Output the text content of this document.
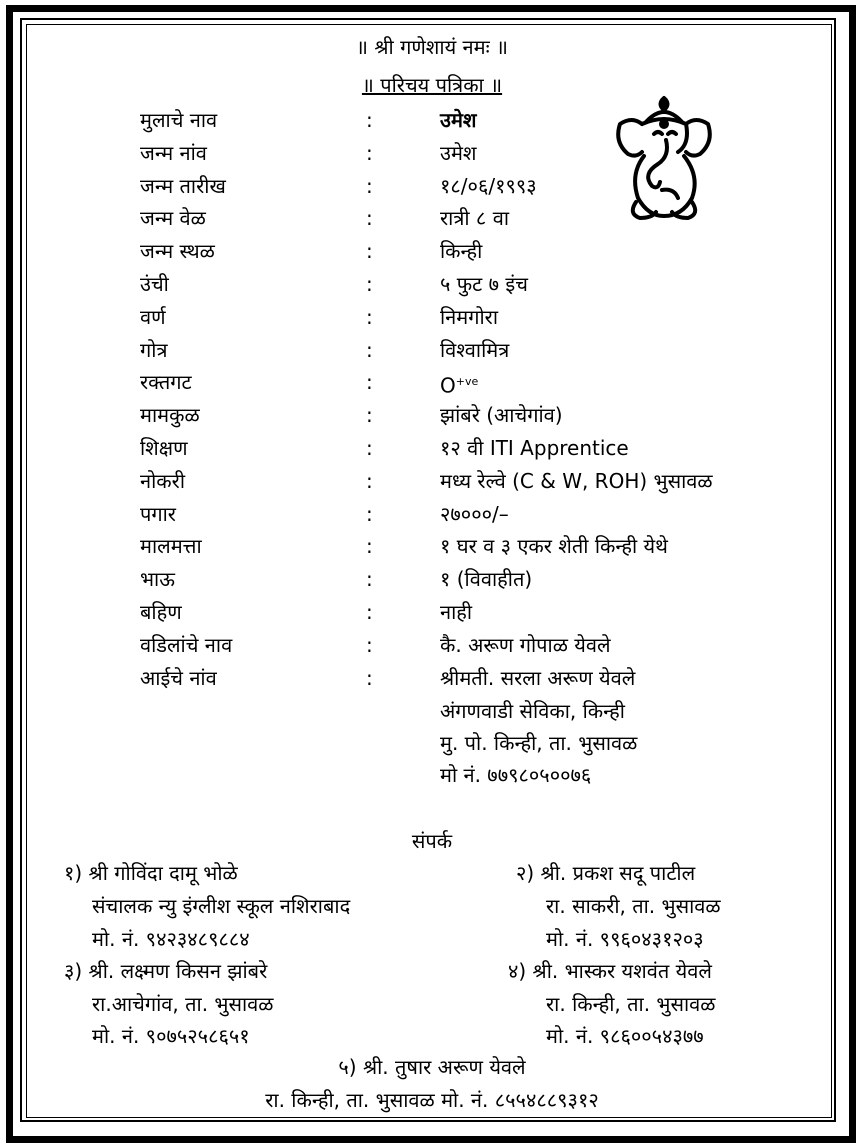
॥ श्री गणेशायं नमः ॥
॥ परिचय पत्रिका ॥
मुलाचे नाव	:	उमेश
जन्म नांव	:	उमेश
जन्म तारीख	:	१८/०६/१९९३
जन्म वेळ	:	रात्री ८ वा
जन्म स्थळ	:	किन्ही
उंची	:	५ फुट ७ इंच
वर्ण	:	निमगोरा
गोत्र	:	विश्वामित्र
रक्तगट	:	$O^{+ve}$
मामकुळ	:	झांबरे (आचेगांव)
शिक्षण	:	१२ वी ITI Apprentice
नोकरी	:	मध्य रेल्वे (C & W, ROH) भुसावळ
पगार	:	२७०००/–
मालमत्ता	:	१ घर व ३ एकर शेती किन्ही येथे
भाऊ	:	१ (विवाहीत)
बहिण	:	नाही
वडिलांचे नाव	:	कै. अरूण गोपाळ येवले
आईचे नांव	:	श्रीमती. सरला अरूण येवले
अंगणवाडी सेविका, किन्ही
मु. पो. किन्ही, ता. भुसावळ
मो नं. ७७९८०५००७६
संपर्क
१) श्री गोविंदा दामू भोळे
संचालक न्यु इंग्लीश स्कूल नशिराबाद
मो. नं. ९४२३४८९८८४
२) श्री. प्रकश सदू पाटील
रा. साकरी, ता. भुसावळ
मो. नं. ९९६०४३१२०३
३) श्री. लक्ष्मण किसन झांबरे
रा.आचेगांव, ता. भुसावळ
मो. नं. ९०७५२५८६५१
४) श्री. भास्कर यशवंत येवले
रा. किन्ही, ता. भुसावळ
मो. नं. ९८६००५४३७७
५) श्री. तुषार अरूण येवले
रा. किन्ही, ता. भुसावळ मो. नं. ८५५४८८९३१२
